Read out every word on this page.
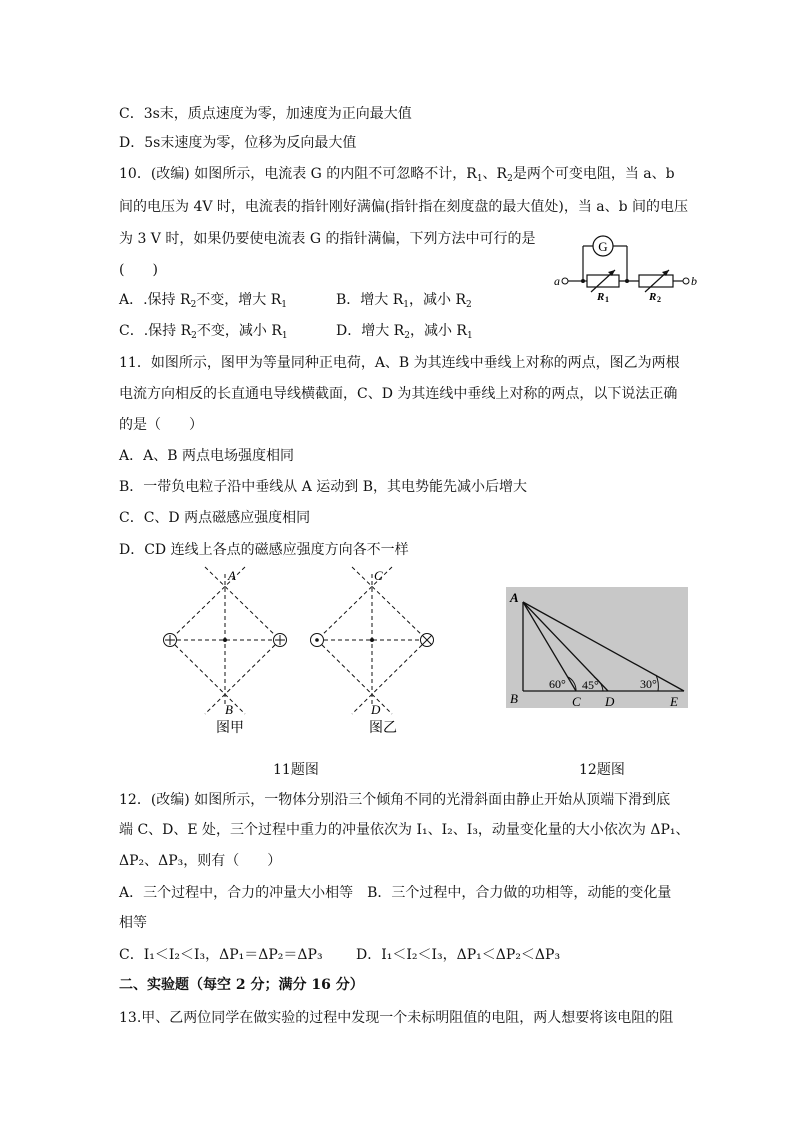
C．3s末，质点速度为零，加速度为正向最大值
D．5s末速度为零，位移为反向最大值
10．(改编) 如图所示，电流表 G 的内阻不可忽略不计，$R_1$、$R_2$是两个可变电阻，当 a、b
间的电压为 4V 时，电流表的指针刚好满偏(指针指在刻度盘的最大值处)，当 a、b 间的电压
为 3 V 时，如果仍要使电流表 G 的指针满偏，下列方法中可行的是
(　　)
A．.保持 $R_2$不变，增大 $R_1$	B．增大 $R_1$，减小 $R_2$
C．.保持 $R_2$不变，减小 $R_1$	D．增大 $R_2$，减小 $R_1$
11．如图所示，图甲为等量同种正电荷，A、B 为其连线中垂线上对称的两点，图乙为两根
电流方向相反的长直通电导线横截面，C、D 为其连线中垂线上对称的两点，以下说法正确
的是（　　）
A．A、B 两点电场强度相同
B．一带负电粒子沿中垂线从 A 运动到 B，其电势能先减小后增大
C．C、D 两点磁感应强度相同
D．CD 连线上各点的磁感应强度方向各不一样
12．(改编) 如图所示，一物体分别沿三个倾角不同的光滑斜面由静止开始从顶端下滑到底
端 C、D、E 处，三个过程中重力的冲量依次为 I₁、I₂、I₃，动量变化量的大小依次为 ΔP₁、
ΔP₂、ΔP₃，则有（　　）
A．三个过程中，合力的冲量大小相等　B．三个过程中，合力做的功相等，动能的变化量
相等
C．I₁＜I₂＜I₃，ΔP₁＝ΔP₂＝ΔP₃ D．I₁＜I₂＜I₃，ΔP₁＜ΔP₂＜ΔP₃
二、实验题（每空 2 分；满分 16 分）
13.甲、乙两位同学在做实验的过程中发现一个未标明阻值的电阻，两人想要将该电阻的阻
G
a	b
R 1	R 2
A
B
图甲
C
D
图乙
A
B	C D	E
60° 45°	30°
11题图	12题图
